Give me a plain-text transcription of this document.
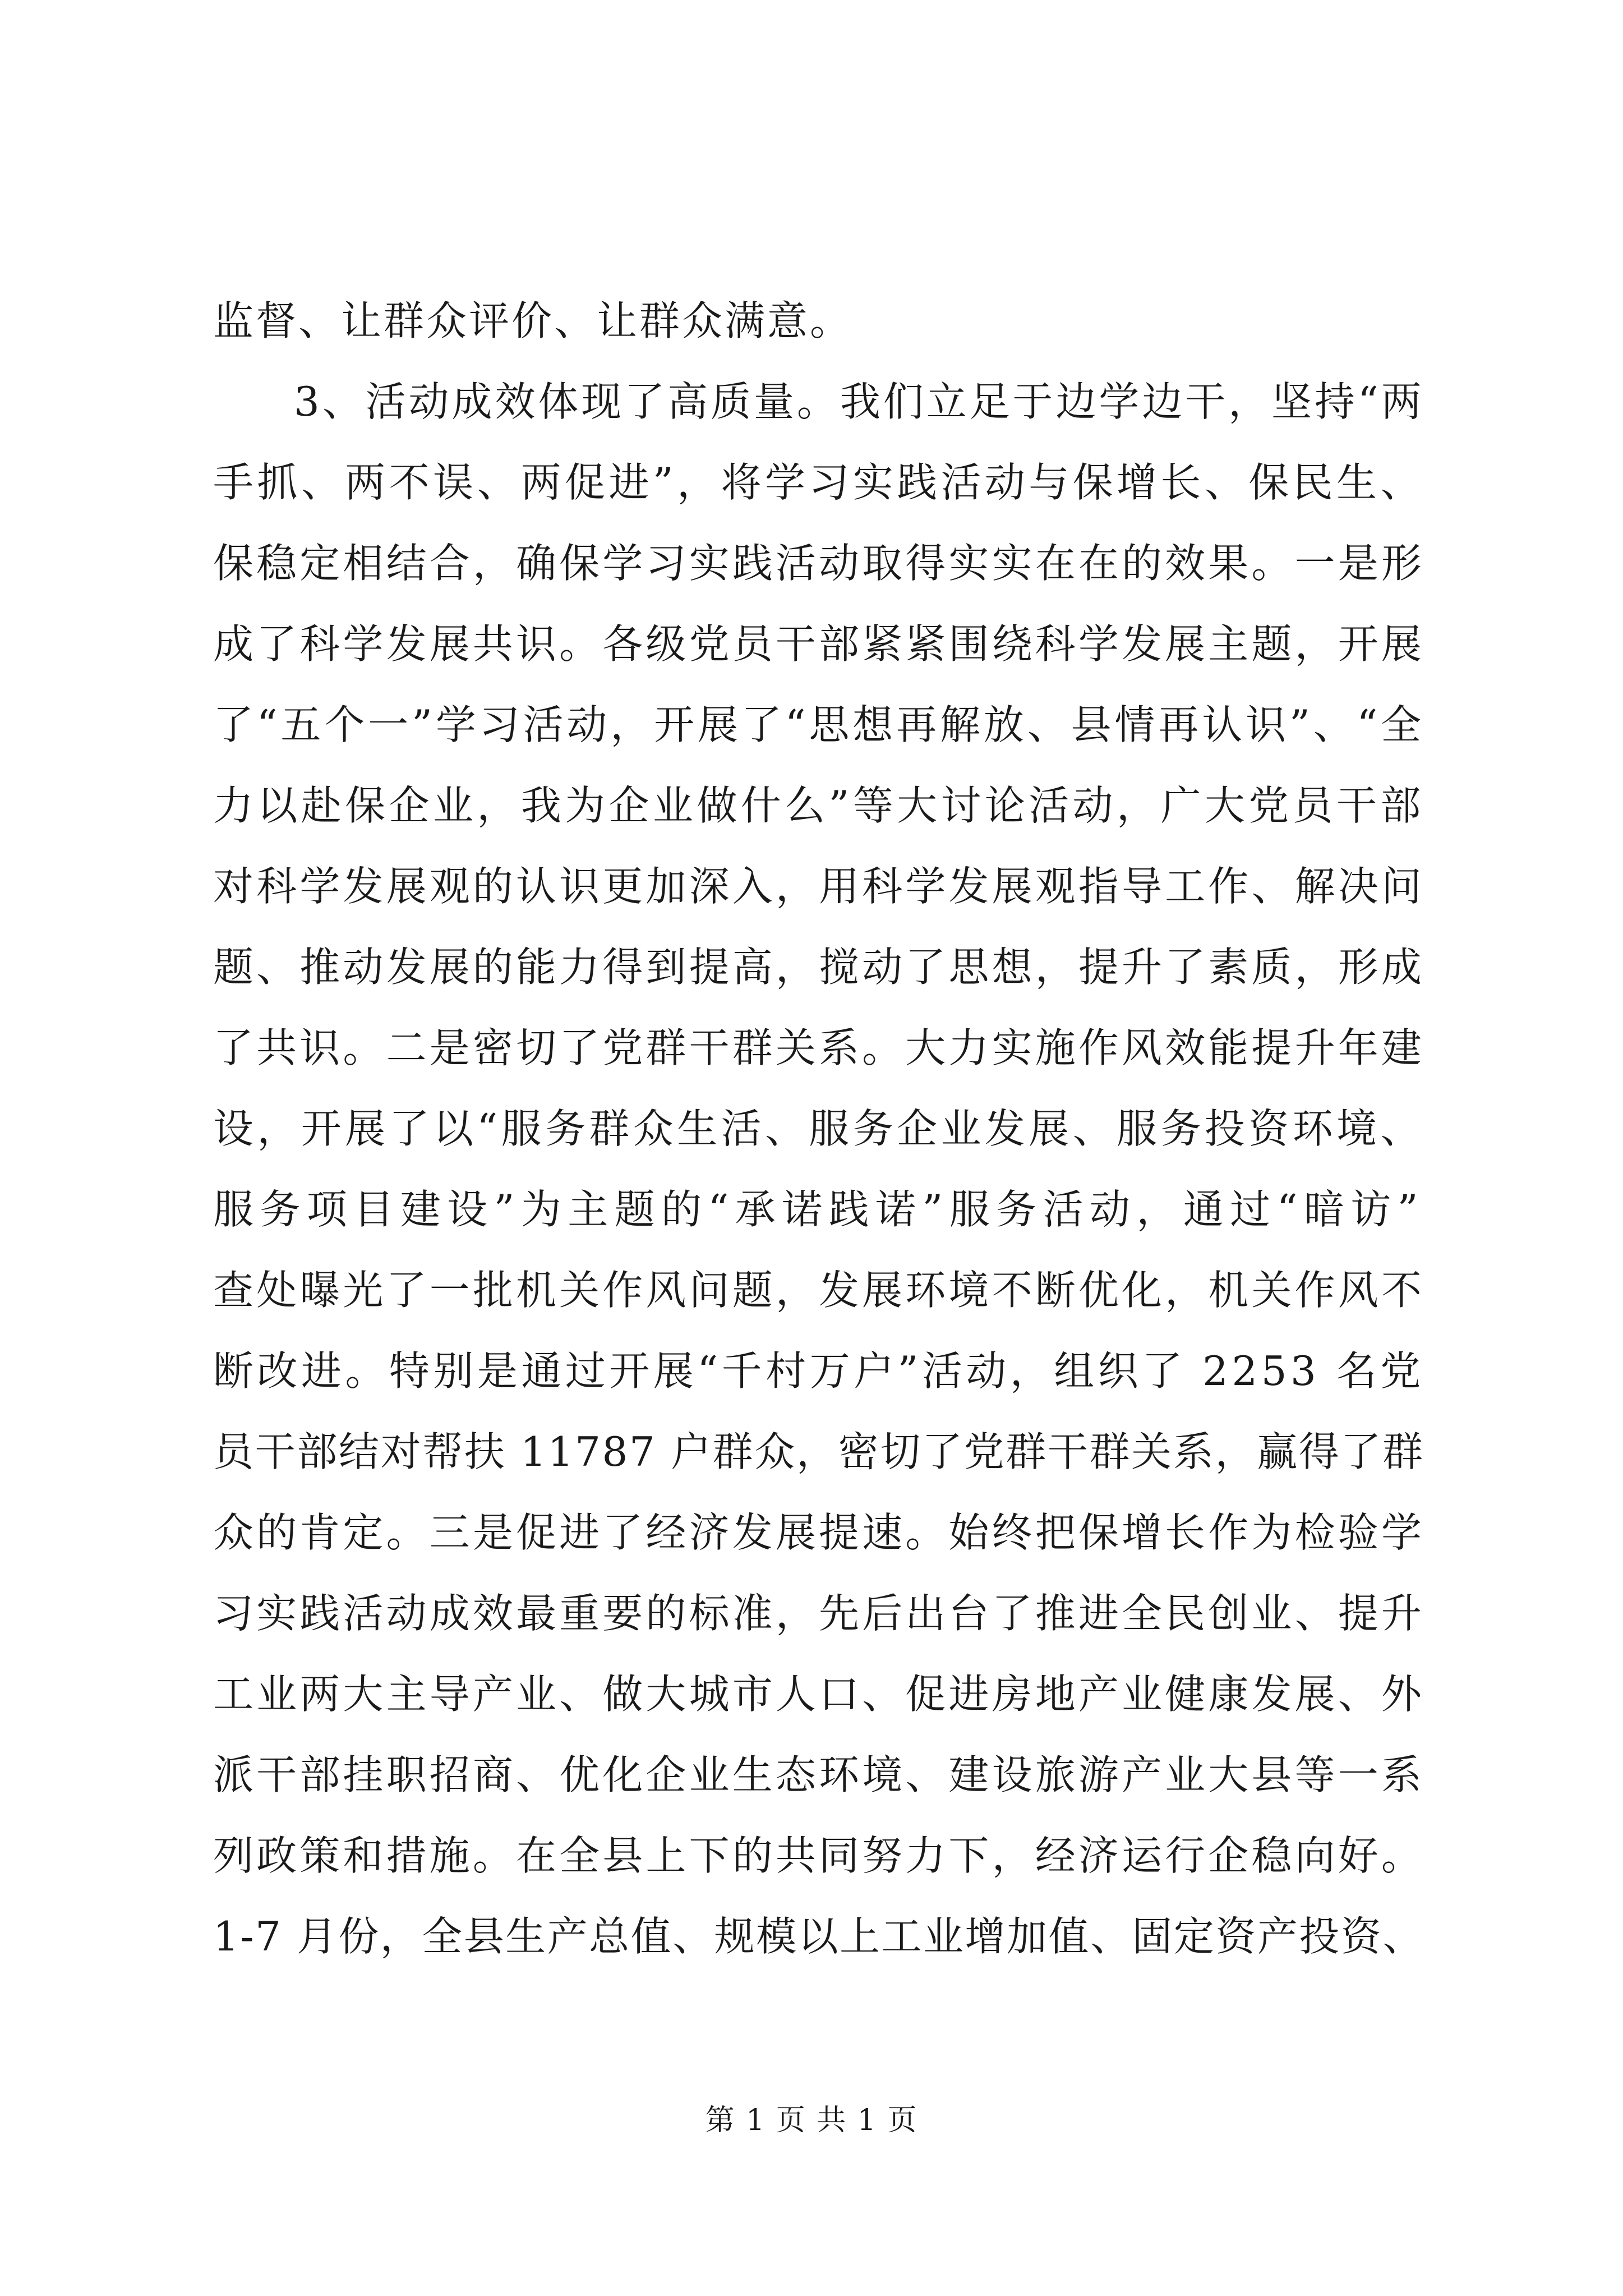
监督、让群众评价、让群众满意。
3、活动成效体现了高质量。我们立足于边学边干，坚持“两
手抓、两不误、两促进”，将学习实践活动与保增长、保民生、
保稳定相结合，确保学习实践活动取得实实在在的效果。一是形
成了科学发展共识。各级党员干部紧紧围绕科学发展主题，开展
了“五个一”学习活动，开展了“思想再解放、县情再认识”、“全
力以赴保企业，我为企业做什么”等大讨论活动，广大党员干部
对科学发展观的认识更加深入，用科学发展观指导工作、解决问
题、推动发展的能力得到提高，搅动了思想，提升了素质，形成
了共识。二是密切了党群干群关系。大力实施作风效能提升年建
设，开展了以“服务群众生活、服务企业发展、服务投资环境、
服务项目建设”为主题的“承诺践诺”服务活动，通过“暗访”
查处曝光了一批机关作风问题，发展环境不断优化，机关作风不
断改进。特别是通过开展“千村万户”活动，组织了 2253 名党
员干部结对帮扶 11787 户群众，密切了党群干群关系，赢得了群
众的肯定。三是促进了经济发展提速。始终把保增长作为检验学
习实践活动成效最重要的标准，先后出台了推进全民创业、提升
工业两大主导产业、做大城市人口、促进房地产业健康发展、外
派干部挂职招商、优化企业生态环境、建设旅游产业大县等一系
列政策和措施。在全县上下的共同努力下，经济运行企稳向好。
1-7 月份，全县生产总值、规模以上工业增加值、固定资产投资、
第 1 页 共 1 页
